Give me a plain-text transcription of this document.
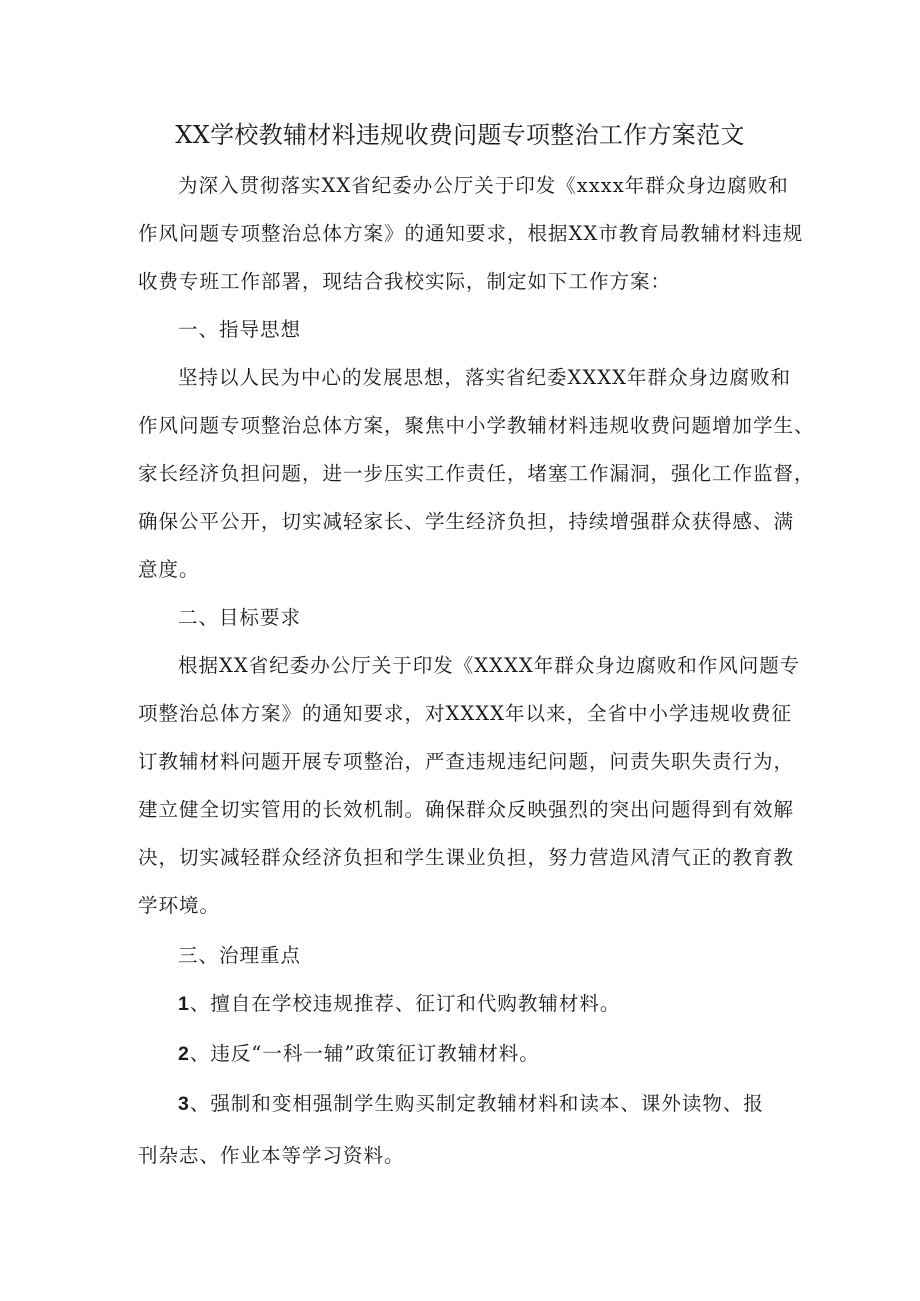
XX学校教辅材料违规收费问题专项整治工作方案范文
为深入贯彻落实XX省纪委办公厅关于印发《xxxx年群众身边腐败和
作风问题专项整治总体方案》的通知要求，根据XX市教育局教辅材料违规
收费专班工作部署，现结合我校实际，制定如下工作方案：
一、指导思想
坚持以人民为中心的发展思想，落实省纪委XXXX年群众身边腐败和
作风问题专项整治总体方案，聚焦中小学教辅材料违规收费问题增加学生、
家长经济负担问题，进一步压实工作责任，堵塞工作漏洞，强化工作监督，
确保公平公开，切实减轻家长、学生经济负担，持续增强群众获得感、满
意度。
二、目标要求
根据XX省纪委办公厅关于印发《XXXX年群众身边腐败和作风问题专
项整治总体方案》的通知要求，对XXXX年以来，全省中小学违规收费征
订教辅材料问题开展专项整治，严查违规违纪问题，问责失职失责行为，
建立健全切实管用的长效机制。确保群众反映强烈的突出问题得到有效解
决，切实减轻群众经济负担和学生课业负担，努力营造风清气正的教育教
学环境。
三、治理重点
1、擅自在学校违规推荐、征订和代购教辅材料。
2、违反“一科一辅”政策征订教辅材料。
3、强制和变相强制学生购买制定教辅材料和读本、课外读物、报
刊杂志、作业本等学习资料。
